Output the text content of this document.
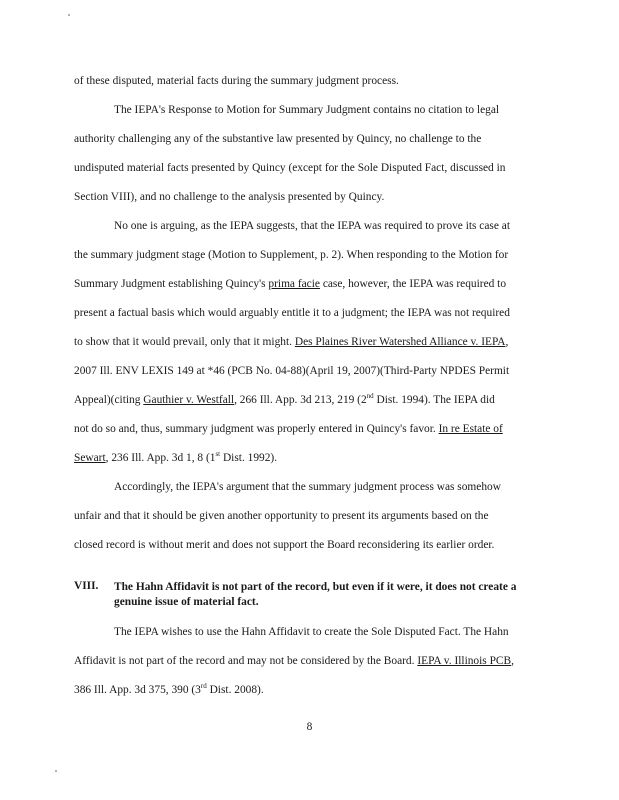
of these disputed, material facts during the summary judgment process.
The IEPA's Response to Motion for Summary Judgment contains no citation to legal
authority challenging any of the substantive law presented by Quincy, no challenge to the
undisputed material facts presented by Quincy (except for the Sole Disputed Fact, discussed in
Section VIII), and no challenge to the analysis presented by Quincy.
No one is arguing, as the IEPA suggests, that the IEPA was required to prove its case at
the summary judgment stage (Motion to Supplement, p. 2). When responding to the Motion for
Summary Judgment establishing Quincy's prima facie case, however, the IEPA was required to
present a factual basis which would arguably entitle it to a judgment; the IEPA was not required
to show that it would prevail, only that it might. Des Plaines River Watershed Alliance v. IEPA,
2007 Ill. ENV LEXIS 149 at *46 (PCB No. 04-88)(April 19, 2007)(Third-Party NPDES Permit
Appeal)(citing Gauthier v. Westfall, 266 Ill. App. 3d 213, 219 (2nd Dist. 1994). The IEPA did
not do so and, thus, summary judgment was properly entered in Quincy's favor. In re Estate of
Sewart, 236 Ill. App. 3d 1, 8 (1st Dist. 1992).
Accordingly, the IEPA's argument that the summary judgment process was somehow
unfair and that it should be given another opportunity to present its arguments based on the
closed record is without merit and does not support the Board reconsidering its earlier order.
VIII. The Hahn Affidavit is not part of the record, but even if it were, it does not create a
genuine issue of material fact.
The IEPA wishes to use the Hahn Affidavit to create the Sole Disputed Fact. The Hahn
Affidavit is not part of the record and may not be considered by the Board. IEPA v. Illinois PCB,
386 Ill. App. 3d 375, 390 (3rd Dist. 2008).
8
